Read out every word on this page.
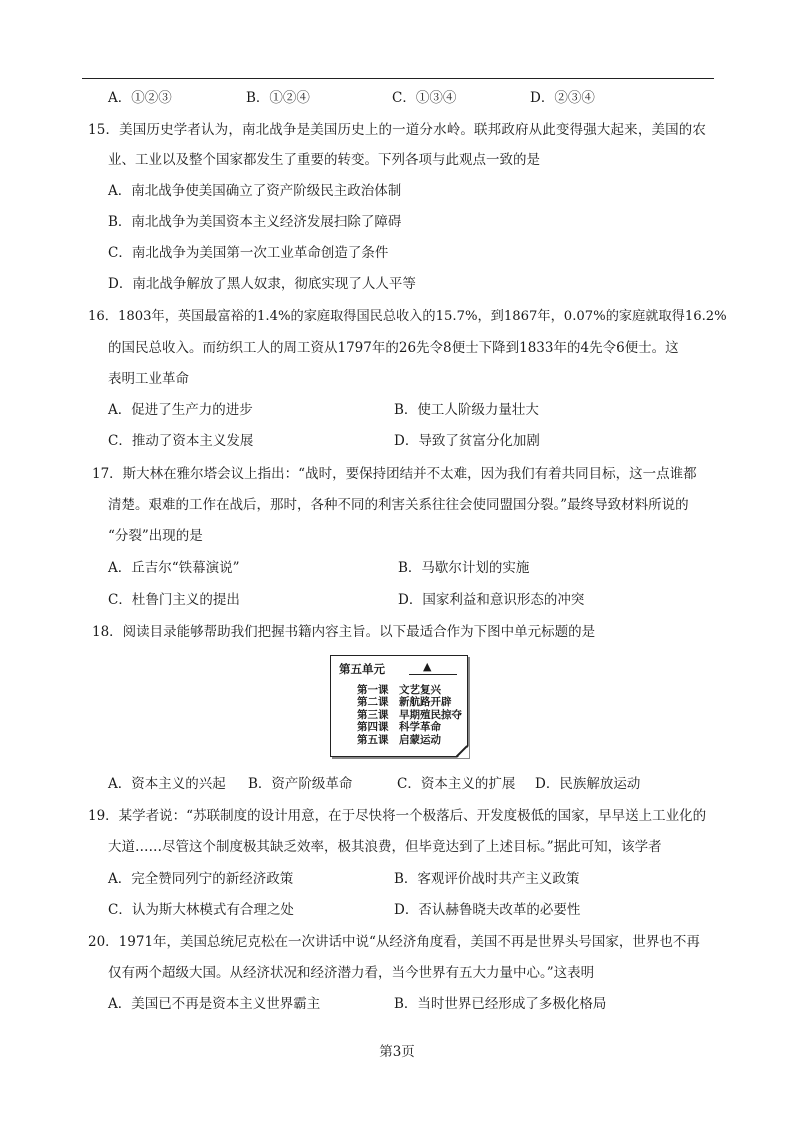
A．①②③	B．①②④	C．①③④	D．②③④
15．美国历史学者认为，南北战争是美国历史上的一道分水岭。联邦政府从此变得强大起来，美国的农
业、工业以及整个国家都发生了重要的转变。下列各项与此观点一致的是
A．南北战争使美国确立了资产阶级民主政治体制
B．南北战争为美国资本主义经济发展扫除了障碍
C．南北战争为美国第一次工业革命创造了条件
D．南北战争解放了黑人奴隶，彻底实现了人人平等
16．1803年，英国最富裕的1.4%的家庭取得国民总收入的15.7%，到1867年，0.07%的家庭就取得16.2%
的国民总收入。而纺织工人的周工资从1797年的26先令8便士下降到1833年的4先令6便士。这
表明工业革命
A．促进了生产力的进步	B．使工人阶级力量壮大
C．推动了资本主义发展	D．导致了贫富分化加剧
17．斯大林在雅尔塔会议上指出：“战时，要保持团结并不太难，因为我们有着共同目标，这一点谁都
清楚。艰难的工作在战后，那时，各种不同的利害关系往往会使同盟国分裂。”最终导致材料所说的
“分裂”出现的是
A．丘吉尔“铁幕演说”	B．马歇尔计划的实施
C．杜鲁门主义的提出	D．国家利益和意识形态的冲突
18．阅读目录能够帮助我们把握书籍内容主旨。以下最适合作为下图中单元标题的是
第五单元	▲
第一课　文艺复兴
第二课　新航路开辟
第三课　早期殖民掠夺
第四课　科学革命
第五课　启蒙运动
A．资本主义的兴起 B．资产阶级革命	C．资本主义的扩展 D．民族解放运动
19．某学者说：“苏联制度的设计用意，在于尽快将一个极落后、开发度极低的国家，早早送上工业化的
大道……尽管这个制度极其缺乏效率，极其浪费，但毕竟达到了上述目标。”据此可知，该学者
A．完全赞同列宁的新经济政策	B．客观评价战时共产主义政策
C．认为斯大林模式有合理之处	D．否认赫鲁晓夫改革的必要性
20．1971年，美国总统尼克松在一次讲话中说“从经济角度看，美国不再是世界头号国家，世界也不再
仅有两个超级大国。从经济状况和经济潜力看，当今世界有五大力量中心。”这表明
A．美国已不再是资本主义世界霸主	B．当时世界已经形成了多极化格局
第3页
